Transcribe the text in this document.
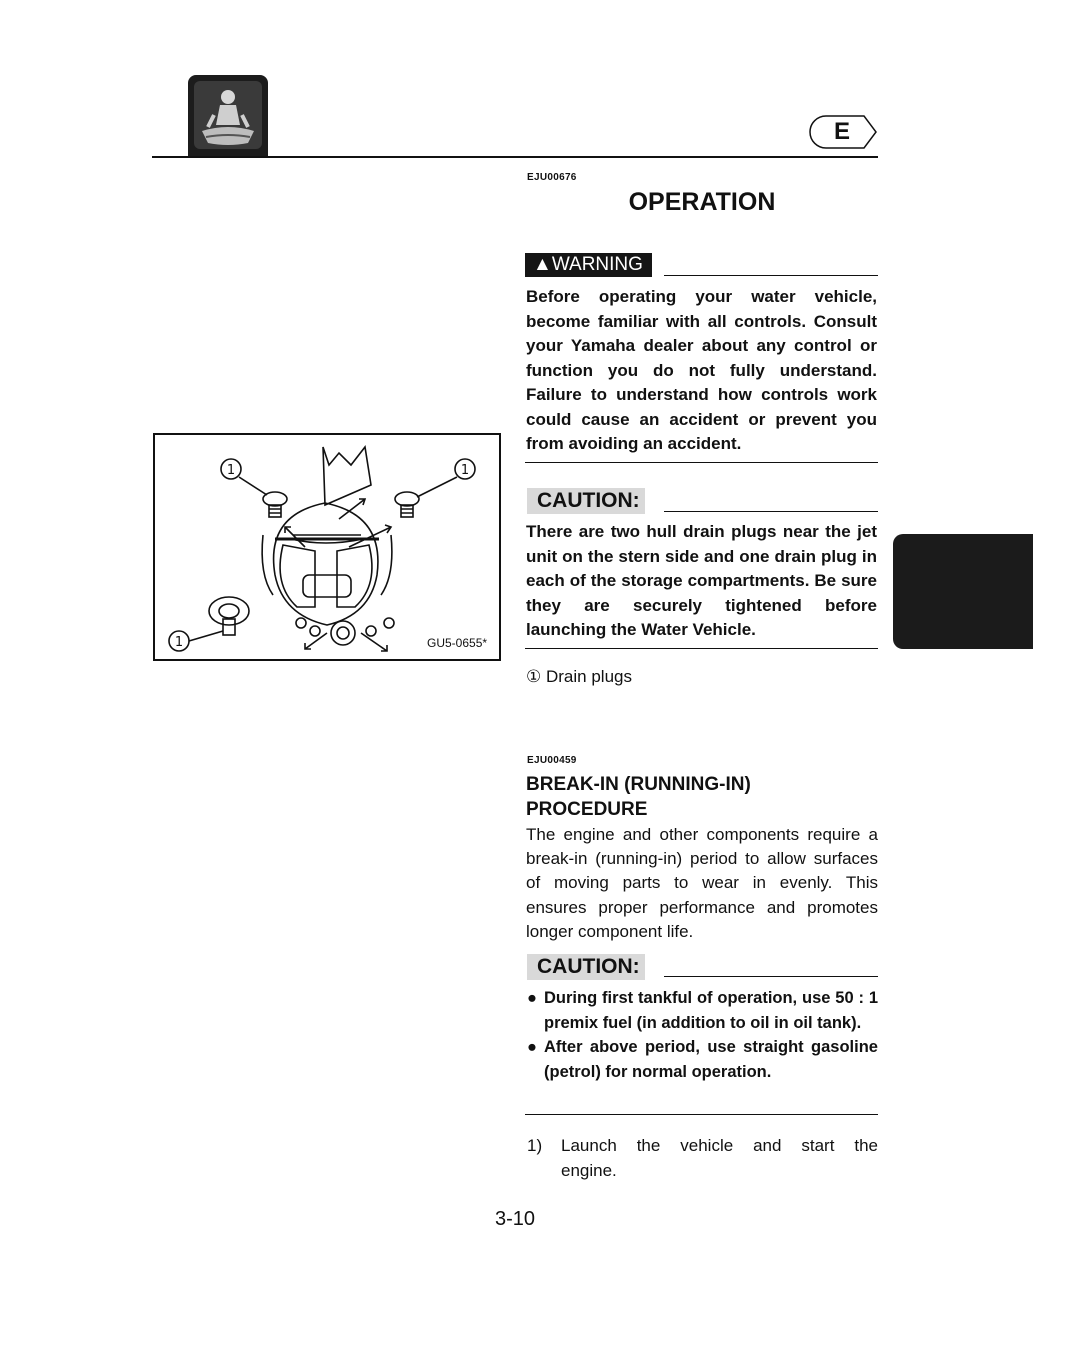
E
EJU00676
OPERATION
▲WARNING
Before operating your water vehicle, become familiar with all controls. Consult your Yamaha dealer about any control or function you do not fully understand. Failure to understand how controls work could cause an accident or prevent you from avoiding an accident.
CAUTION:
There are two hull drain plugs near the jet unit on the stern side and one drain plug in each of the storage compartments. Be sure they are securely tightened before launching the Water Vehicle.
1	1
1	GU5-0655*
① Drain plugs
EJU00459
BREAK-IN (RUNNING-IN)
PROCEDURE
The engine and other components require a break-in (running-in) period to allow surfaces of moving parts to wear in evenly. This ensures proper performance and promotes longer component life.
CAUTION:
● During first tankful of operation, use 50 : 1 premix fuel (in addition to oil in oil tank).
● After above period, use straight gasoline (petrol) for normal operation.
1)	Launch the vehicle and start the engine.
3-10
